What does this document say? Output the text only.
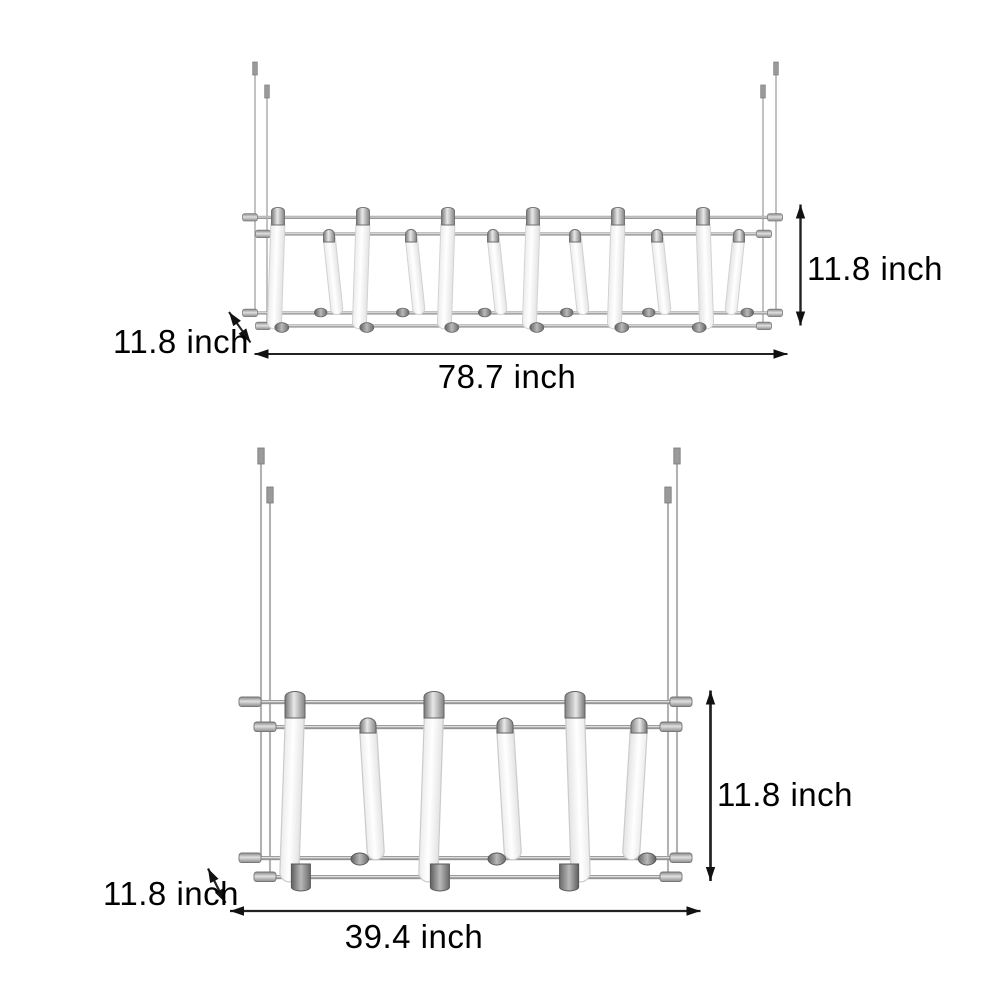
11.8 inch
11.8 inch
78.7 inch
11.8 inch
11.8 inch
39.4 inch
